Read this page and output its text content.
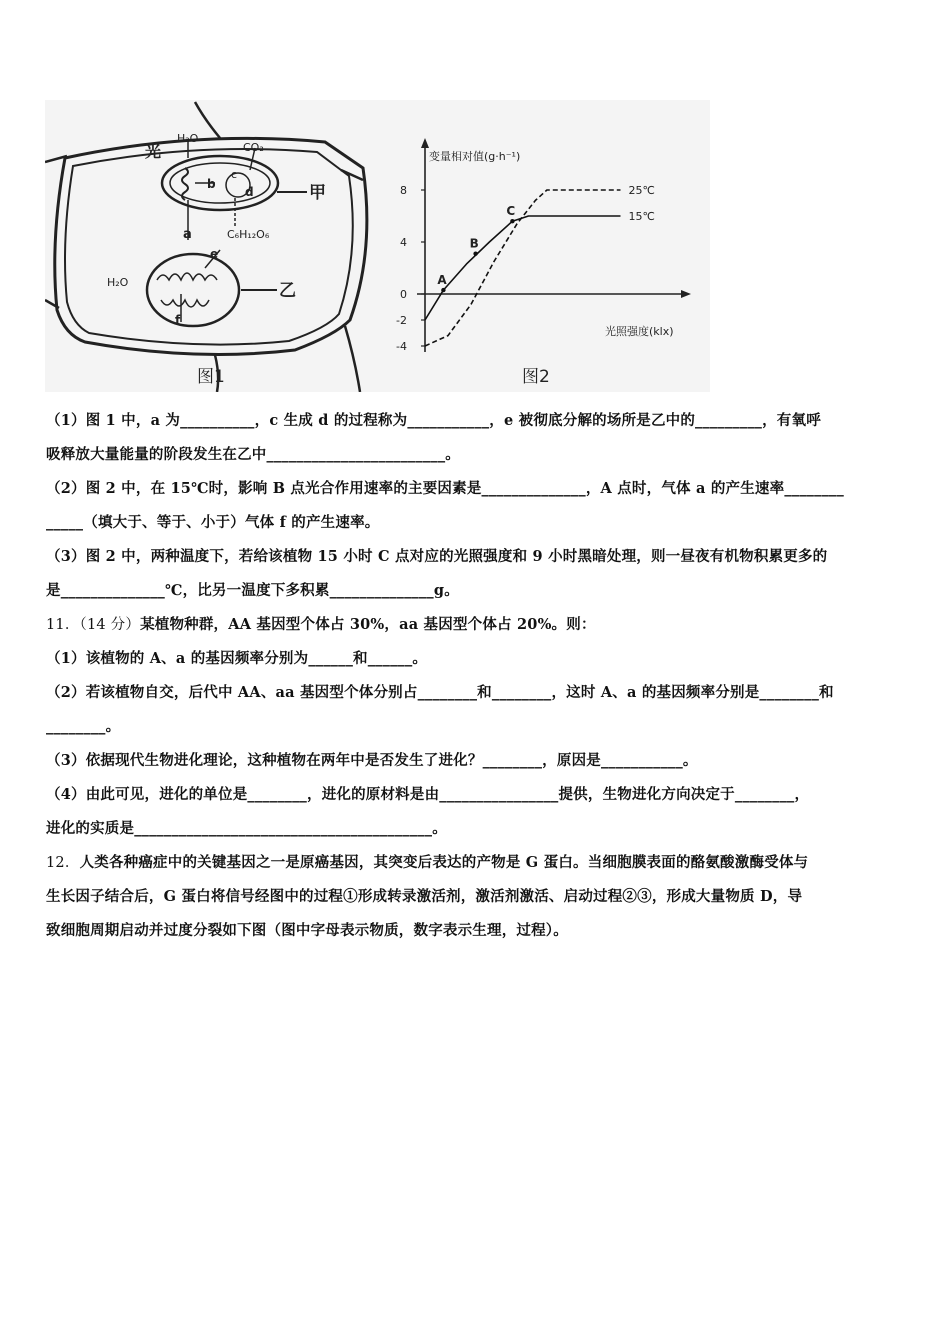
光
H₂O
CO₂
b
c
d	甲
a
e
C₆H₁₂O₆
H₂O	乙
f
图1
变量相对值(g·h⁻¹)
光照强度(klx)
8
4
0
-2
-4
25℃
15℃
A
B
C
图2

（1）图 1 中，a 为__________，c 生成 d 的过程称为___________，e 被彻底分解的场所是乙中的_________，有氧呼

吸释放大量能量的阶段发生在乙中________________________。

（2）图 2 中，在 15℃时，影响 B 点光合作用速率的主要因素是______________，A 点时，气体 a 的产生速率________

_____（填大于、等于、小于）气体 f 的产生速率。

（3）图 2 中，两种温度下，若给该植物 15 小时 C 点对应的光照强度和 9 小时黑暗处理，则一昼夜有机物积累更多的

是______________℃，比另一温度下多积累______________g。

11．（14 分）某植物种群，AA 基因型个体占 30%，aa 基因型个体占 20%。则：

（1）该植物的 A、a 的基因频率分别为______和______。

（2）若该植物自交，后代中 AA、aa 基因型个体分别占________和________，这时 A、a 的基因频率分别是________和

________。

（3）依据现代生物进化理论，这种植物在两年中是否发生了进化？________，原因是___________。

（4）由此可见，进化的单位是________，进化的原材料是由________________提供，生物进化方向决定于________，

进化的实质是________________________________________。

12．人类各种癌症中的关键基因之一是原癌基因，其突变后表达的产物是 G 蛋白。当细胞膜表面的酪氨酸激酶受体与

生长因子结合后，G 蛋白将信号经图中的过程①形成转录激活剂，激活剂激活、启动过程②③，形成大量物质 D，导

致细胞周期启动并过度分裂如下图（图中字母表示物质，数字表示生理，过程）。
